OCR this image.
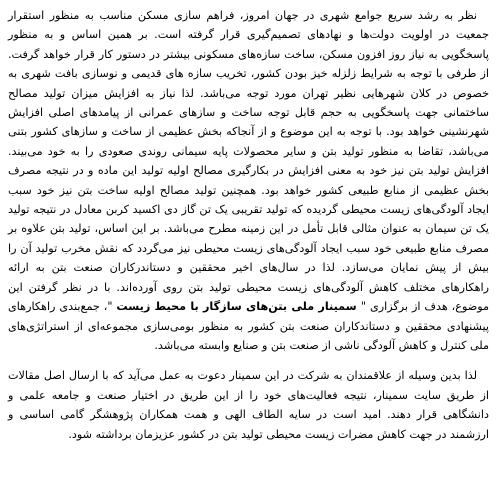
نظر به رشد سریع جوامع شهری در جهان امروز، فراهم سازی مسکن مناسب به منظور استقرار جمعیت در اولویت دولت‌ها و نهادهای تصمیم‌گیری قرار گرفته است. بر همین اساس و به منظور پاسخگویی به نیاز روز افزون مسکن، ساخت سازه‌های مسکونی بیشتر در دستور کار قرار خواهد گرفت. از طرفی با توجه به شرایط زلزله خیز بودن کشور، تخریب سازه های قدیمی و نوسازی بافت شهری به خصوص در کلان شهرهایی نظیر تهران مورد توجه می‌باشد. لذا نیاز به افزایش میزان تولید مصالح ساختمانی جهت پاسخگویی به حجم قابل توجه ساخت و سازهای عمرانی از پیامدهای اصلی افزایش شهرنشینی خواهد بود. با توجه به این موضوع و از آنجاکه بخش عظیمی از ساخت و سازهای کشور بتنی می‌باشد، تقاضا به منظور تولید بتن و سایر محصولات پایه سیمانی روندی صعودی را به خود می‌بیند. افزایش تولید بتن نیز خود به معنی افزایش در بکارگیری مصالح اولیه تولید این ماده و در نتیجه مصرف بخش عظیمی از منابع طبیعی کشور خواهد بود. همچنین تولید مصالح اولیه ساخت بتن نیز خود سبب ایجاد آلودگی‌های زیست محیطی گردیده که تولید تقریبی یک تن گاز دی اکسید کربن معادل در نتیجه تولید یک تن سیمان به عنوان مثالی قابل تأمل در این زمینه مطرح می‌باشد. بر این اساس، تولید بتن علاوه بر مصرف منابع طبیعی خود سبب ایجاد آلودگی‌های زیست محیطی نیز می‌گردد که نقش مخرب تولید آن را بیش از پیش نمایان می‌سازد. لذا در سال‌های اخیر محققین و دستاندرکاران صنعت بتن به ارائه راهکارهای مختلف کاهش آلودگی‌های زیست محیطی تولید بتن روی آورده‌اند. با در نظر گرفتن این موضوع، هدف از برگزاری " سمینار ملی بتن‌های سازگار با محیط زیست "، جمع‌بندی راهکارهای پیشنهادی محققین و دستاندکاران صنعت بتن کشور به منظور بومی‌سازی مجموعه‌ای از استراتژی‌های ملی کنترل و کاهش آلودگی ناشی از صنعت بتن و صنایع وابسته می‌باشد.

لذا بدین وسیله از علاقمندان به شرکت در این سمینار دعوت به عمل می‌آید که با ارسال اصل مقالات از طریق سایت سمینار، نتیجه فعالیت‌های خود را از این طریق در اختیار صنعت و جامعه علمی و دانشگاهی قرار دهند. امید است در سایه الطاف الهی و همت همکاران پژوهشگر گامی اساسی و ارزشمند در جهت کاهش مضرات زیست محیطی تولید بتن در کشور عزیزمان برداشته شود.
